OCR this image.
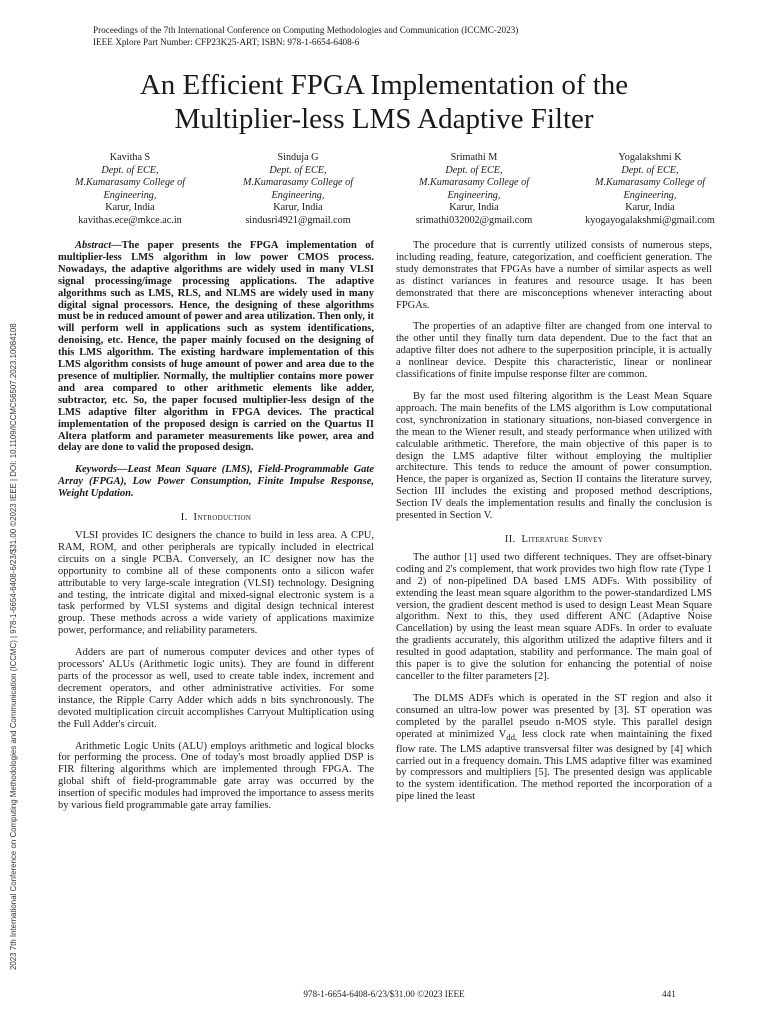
Proceedings of the 7th International Conference on Computing Methodologies and Communication (ICCMC-2023)
IEEE Xplore Part Number: CFP23K25-ART; ISBN: 978-1-6654-6408-6
An Efficient FPGA Implementation of the
Multiplier-less LMS Adaptive Filter
Kavitha S
Dept. of ECE,
M.Kumarasamy College of
Engineering,
Karur, India
kavithas.ece@mkce.ac.in
Sinduja G
Dept. of ECE,
M.Kumarasamy College of
Engineering,
Karur, India
sindusri4921@gmail.com
Srimathi M
Dept. of ECE,
M.Kumarasamy College of
Engineering,
Karur, India
srimathi032002@gmail.com
Yogalakshmi K
Dept. of ECE,
M.Kumarasamy College of
Engineering,
Karur, India
kyogayogalakshmi@gmail.com
2023 7th International Conference on Computing Methodologies and Communication (ICCMC) | 978-1-6654-6408-6/23/$31.00 ©2023 IEEE | DOI: 10.1109/ICCMC56507.2023.10084108

Abstract—The paper presents the FPGA implementation of multiplier-less LMS algorithm in low power CMOS process. Nowadays, the adaptive algorithms are widely used in many VLSI signal processing/image processing applications. The adaptive algorithms such as LMS, RLS, and NLMS are widely used in many digital signal processors. Hence, the designing of these algorithms must be in reduced amount of power and area utilization. Then only, it will perform well in applications such as system identifications, denoising, etc. Hence, the paper mainly focused on the designing of this LMS algorithm. The existing hardware implementation of this LMS algorithm consists of huge amount of power and area due to the presence of multiplier. Normally, the multiplier contains more power and area compared to other arithmetic elements like adder, subtractor, etc. So, the paper focused multiplier-less design of the LMS adaptive filter algorithm in FPGA devices. The practical implementation of the proposed design is carried on the Quartus II Altera platform and parameter measurements like power, area and delay are done to valid the proposed design.

Keywords—Least Mean Square (LMS), Field-Programmable Gate Array (FPGA), Low Power Consumption, Finite Impulse Response, Weight Updation.

I. Introduction

VLSI provides IC designers the chance to build in less area. A CPU, RAM, ROM, and other peripherals are typically included in electrical circuits on a single PCBA. Conversely, an IC designer now has the opportunity to combine all of these components onto a silicon wafer attributable to very large-scale integration (VLSI) technology. Designing and testing, the intricate digital and mixed-signal electronic system is a task performed by VLSI systems and digital design technical interest group. These methods across a wide variety of applications maximize power, performance, and reliability parameters.

Adders are part of numerous computer devices and other types of processors' ALUs (Arithmetic logic units). They are found in different parts of the processor as well, used to create table index, increment and decrement operators, and other administrative activities. For some instance, the Ripple Carry Adder which adds n bits synchronously. The devoted multiplication circuit accomplishes Carryout Multiplication using the Full Adder's circuit.

Arithmetic Logic Units (ALU) employs arithmetic and logical blocks for performing the process. One of today's most broadly applied DSP is FIR filtering algorithms which are implemented through FPGA. The global shift of field-programmable gate array was occurred by the insertion of specific modules had improved the importance to assess merits by various field programmable gate array families.

The procedure that is currently utilized consists of numerous steps, including reading, feature, categorization, and coefficient generation. The study demonstrates that FPGAs have a number of similar aspects as well as distinct variances in features and resource usage. It has been demonstrated that there are misconceptions whenever interacting about FPGAs.

The properties of an adaptive filter are changed from one interval to the other until they finally turn data dependent. Due to the fact that an adaptive filter does not adhere to the superposition principle, it is actually a nonlinear device. Despite this characteristic, linear or nonlinear classifications of finite impulse response filter are common.

By far the most used filtering algorithm is the Least Mean Square approach. The main benefits of the LMS algorithm is Low computational cost, synchronization in stationary situations, non-biased convergence in the mean to the Wiener result, and steady performance when utilized with calculable arithmetic. Therefore, the main objective of this paper is to design the LMS adaptive filter without employing the multiplier architecture. This tends to reduce the amount of power consumption. Hence, the paper is organized as, Section II contains the literature survey, Section III includes the existing and proposed method descriptions, Section IV deals the implementation results and finally the conclusion is presented in Section V.

II. Literature Survey

The author [1] used two different techniques. They are offset-binary coding and 2's complement, that work provides two high flow rate (Type 1 and 2) of non-pipelined DA based LMS ADFs. With possibility of extending the least mean square algorithm to the power-standardized LMS version, the gradient descent method is used to design Least Mean Square algorithm. Next to this, they used different ANC (Adaptive Noise Cancellation) by using the least mean square ADFs. In order to evaluate the gradients accurately, this algorithm utilized the adaptive filters and it resulted in good adaptation, stability and performance. The main goal of this paper is to give the solution for enhancing the potential of noise canceller to the filter parameters [2].

The DLMS ADFs which is operated in the ST region and also it consumed an ultra-low power was presented by [3]. ST operation was completed by the parallel pseudo n-MOS style. This parallel design operated at minimized $V_{dd,}$ less clock rate when maintaining the fixed flow rate. The LMS adaptive transversal filter was designed by [4] which carried out in a frequency domain. This LMS adaptive filter was examined by compressors and multipliers [5]. The presented design was applicable to the system identification. The method reported the incorporation of a pipe lined the least

978-1-6654-6408-6/23/$31.00 ©2023 IEEE	441
